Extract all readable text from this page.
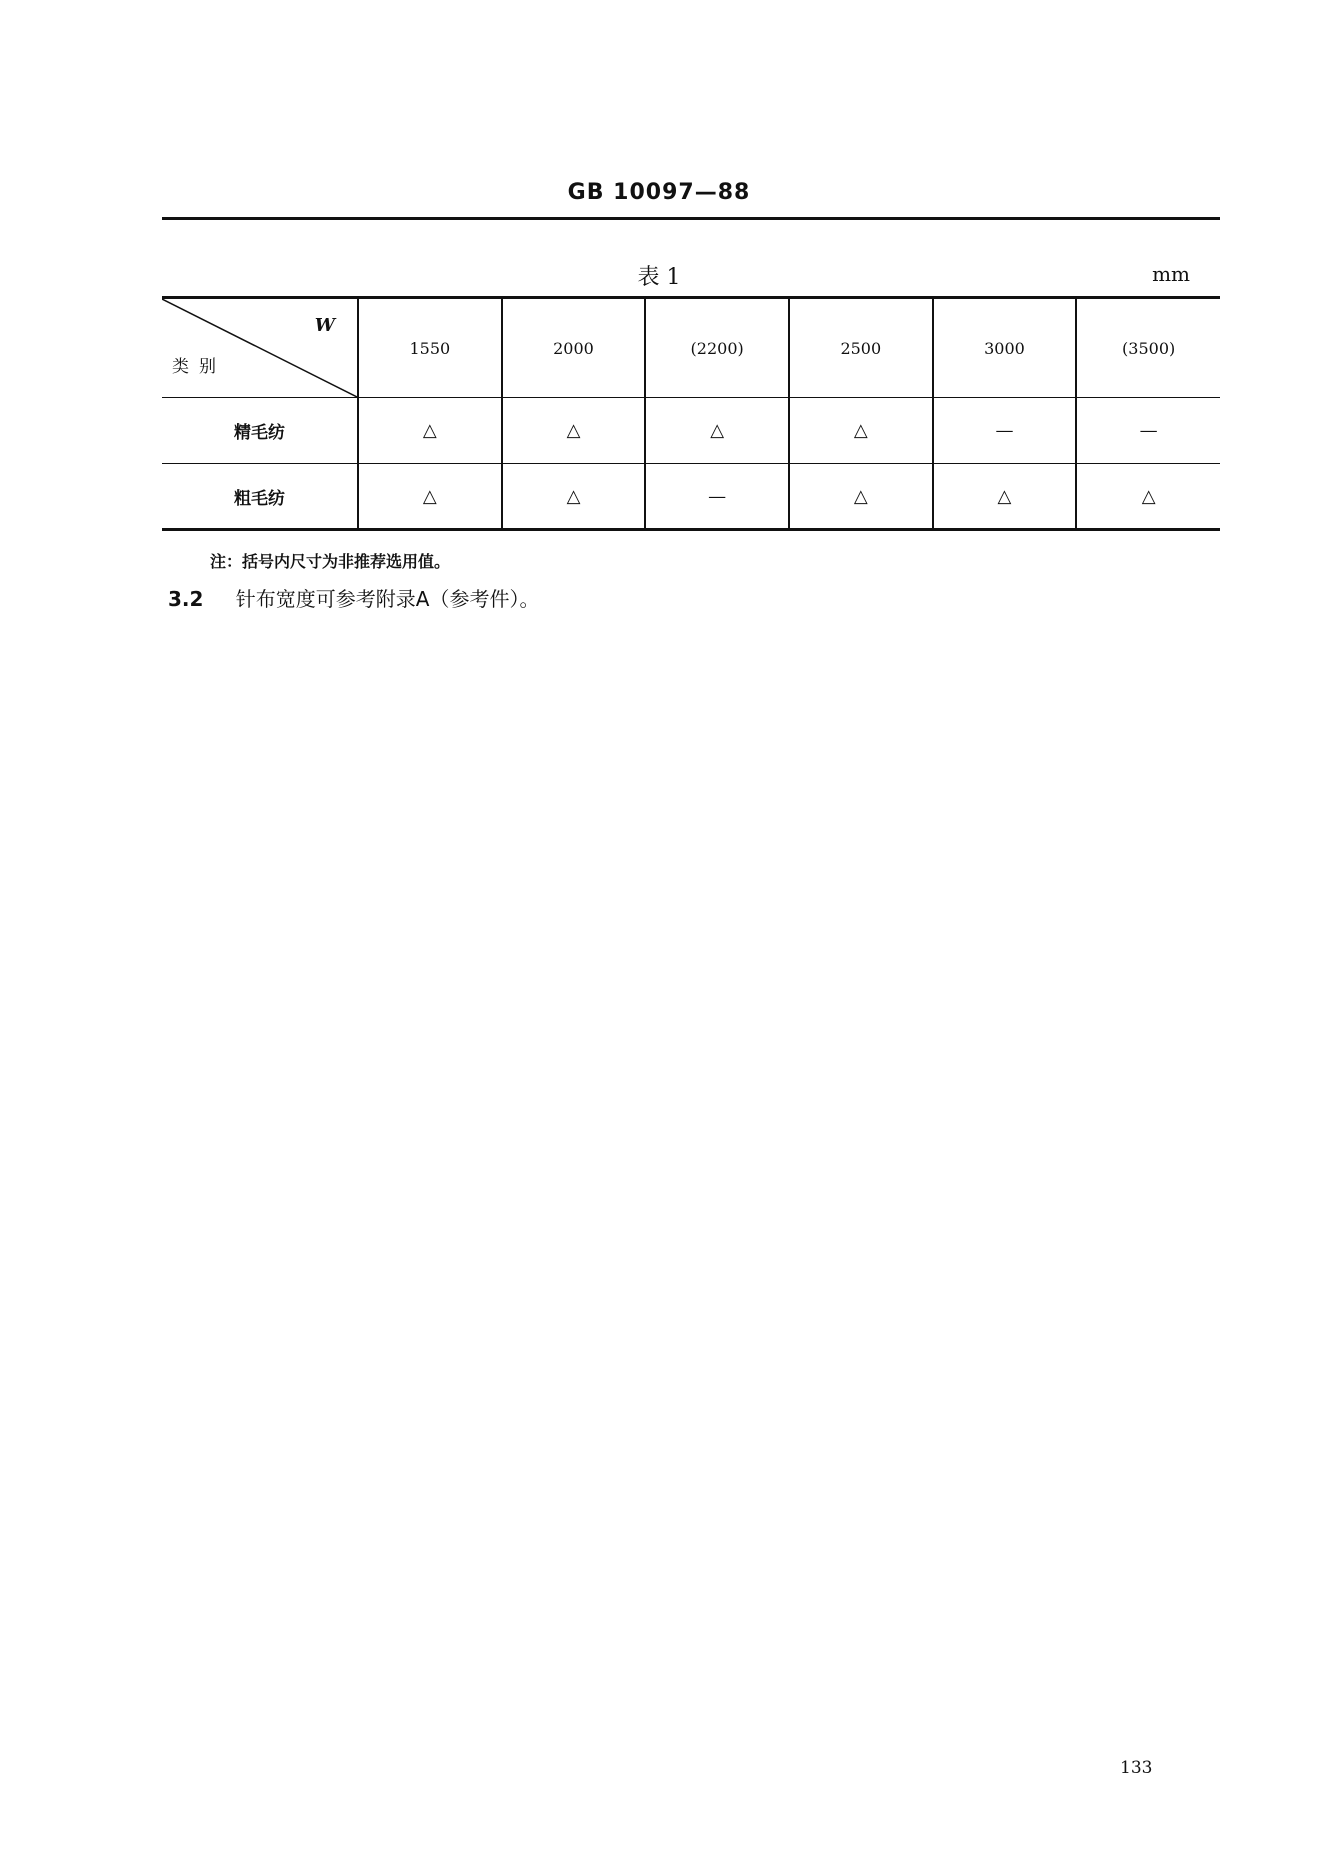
GB 10097—88
表 1	mm
W
类别	1550	2000	(2200)	2500	3000	(3500)
精毛纺	△	△	△	△	—	—
粗毛纺	△	△	—	△	△	△
注：括号内尺寸为非推荐选用值。
3.2 针布宽度可参考附录A（参考件）。
133
